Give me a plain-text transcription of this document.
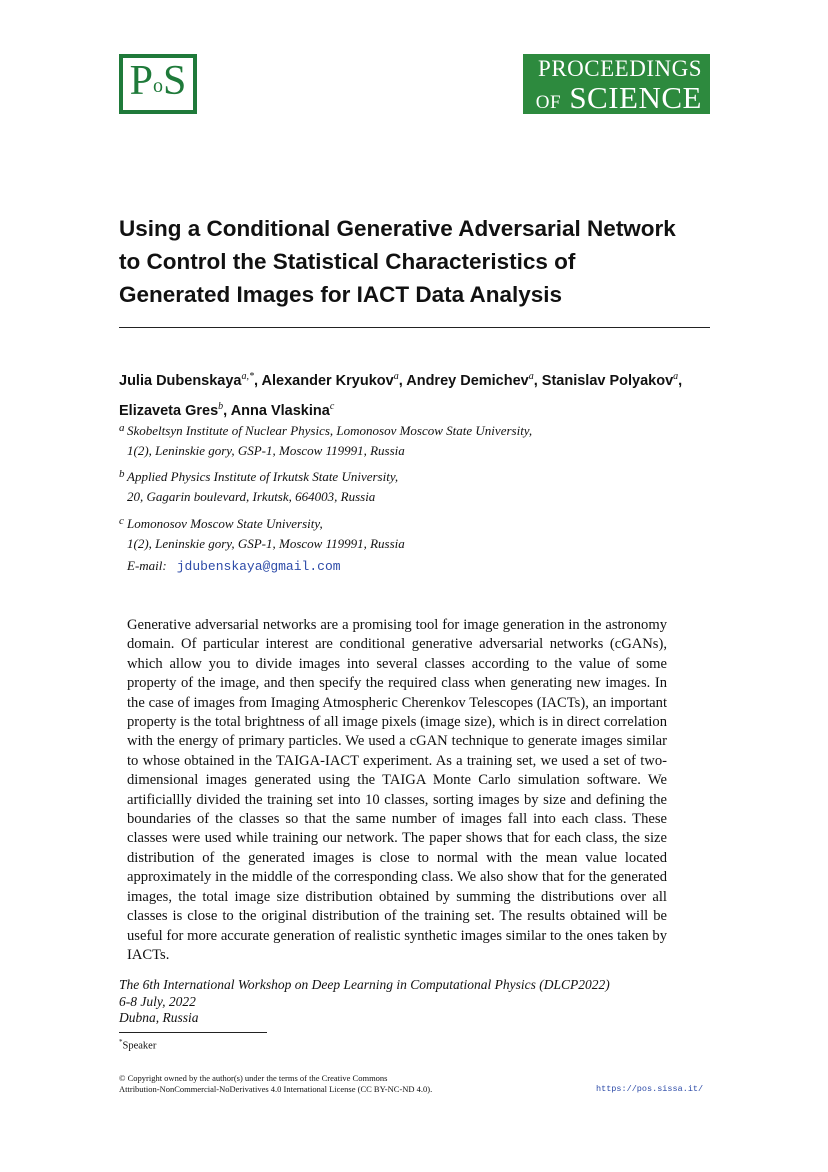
PoS	PROCEEDINGS
OF SCIENCE
Using a Conditional Generative Adversarial Network
to Control the Statistical Characteristics of
Generated Images for IACT Data Analysis
Julia Dubenskaya$^{a,*}$, Alexander Kryukov$^a$, Andrey Demichev$^a$, Stanislav Polyakov$^a$, Elizaveta Gres$^b$, Anna Vlaskina$^c$
a Skobeltsyn Institute of Nuclear Physics, Lomonosov Moscow State University,
1(2), Leninskie gory, GSP-1, Moscow 119991, Russia
b Applied Physics Institute of Irkutsk State University,
20, Gagarin boulevard, Irkutsk, 664003, Russia
c Lomonosov Moscow State University,
1(2), Leninskie gory, GSP-1, Moscow 119991, Russia
E-mail: jdubenskaya@gmail.com
Generative adversarial networks are a promising tool for image generation in the astronomy domain. Of particular interest are conditional generative adversarial networks (cGANs), which allow you to divide images into several classes according to the value of some property of the image, and then specify the required class when generating new images. In the case of images from Imaging Atmospheric Cherenkov Telescopes (IACTs), an important property is the total brightness of all image pixels (image size), which is in direct correlation with the energy of primary particles. We used a cGAN technique to generate images similar to whose obtained in the TAIGA-IACT experiment. As a training set, we used a set of two-dimensional images generated using the TAIGA Monte Carlo simulation software. We artificiallly divided the training set into 10 classes, sorting images by size and defining the boundaries of the classes so that the same number of images fall into each class. These classes were used while training our network. The paper shows that for each class, the size distribution of the generated images is close to normal with the mean value located approximately in the middle of the corresponding class. We also show that for the generated images, the total image size distribution obtained by summing the distributions over all classes is close to the original distribution of the training set. The results obtained will be useful for more accurate generation of realistic synthetic images similar to the ones taken by IACTs.
The 6th International Workshop on Deep Learning in Computational Physics (DLCP2022)
6-8 July, 2022
Dubna, Russia
*Speaker
© Copyright owned by the author(s) under the terms of the Creative Commons
Attribution-NonCommercial-NoDerivatives 4.0 International License (CC BY-NC-ND 4.0).	https://pos.sissa.it/
